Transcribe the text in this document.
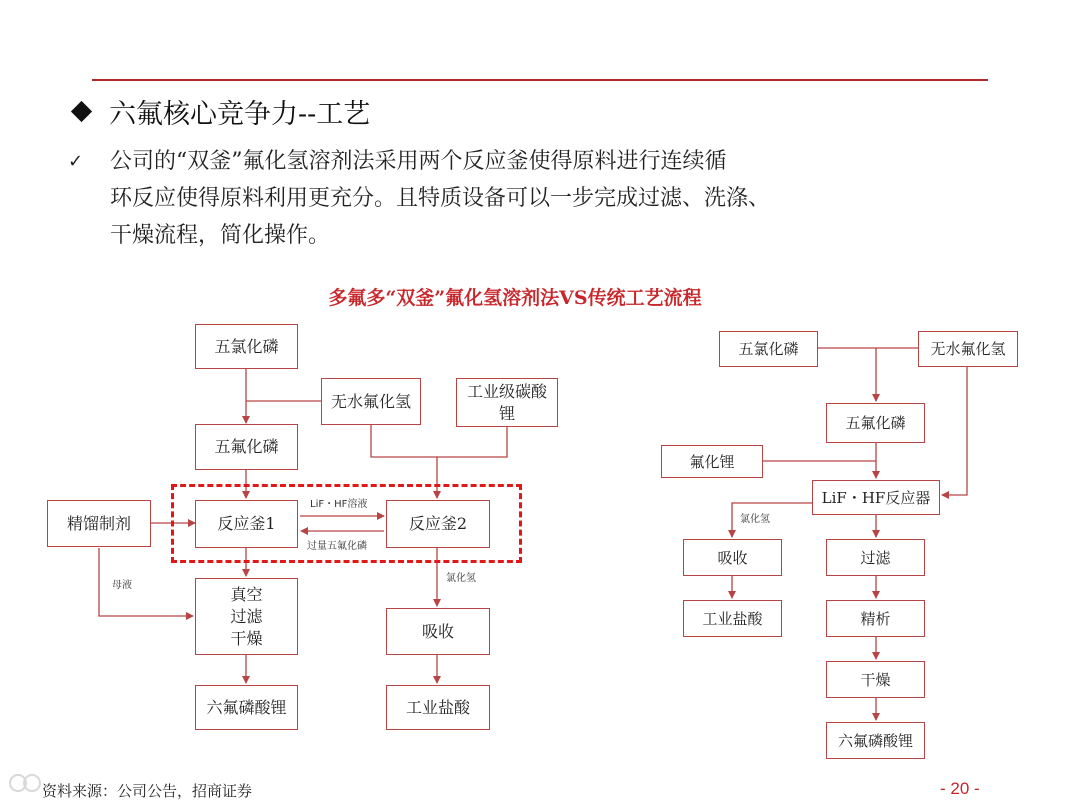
六氟核心竞争力--工艺
✓ 公司的“双釜”氟化氢溶剂法采用两个反应釜使得原料进行连续循
环反应使得原料利用更充分。且特质设备可以一步完成过滤、洗涤、
干燥流程，简化操作。
多氟多“双釜”氟化氢溶剂法VS传统工艺流程
五氯化磷
无水氟化氢
工业级碳酸
锂
五氟化磷
精馏制剂	反应釜1	反应釜2
真空
过滤
干燥	吸收
六氟磷酸锂	工业盐酸
LiF・HF溶液
过量五氟化磷
母液
氯化氢
五氯化磷	无水氟化氢
五氟化磷
氟化锂
LiF・HF反应器
吸收	过滤
工业盐酸	精析
干燥
六氟磷酸锂
氯化氢
资料来源：公司公告，招商证券	- 20 -
